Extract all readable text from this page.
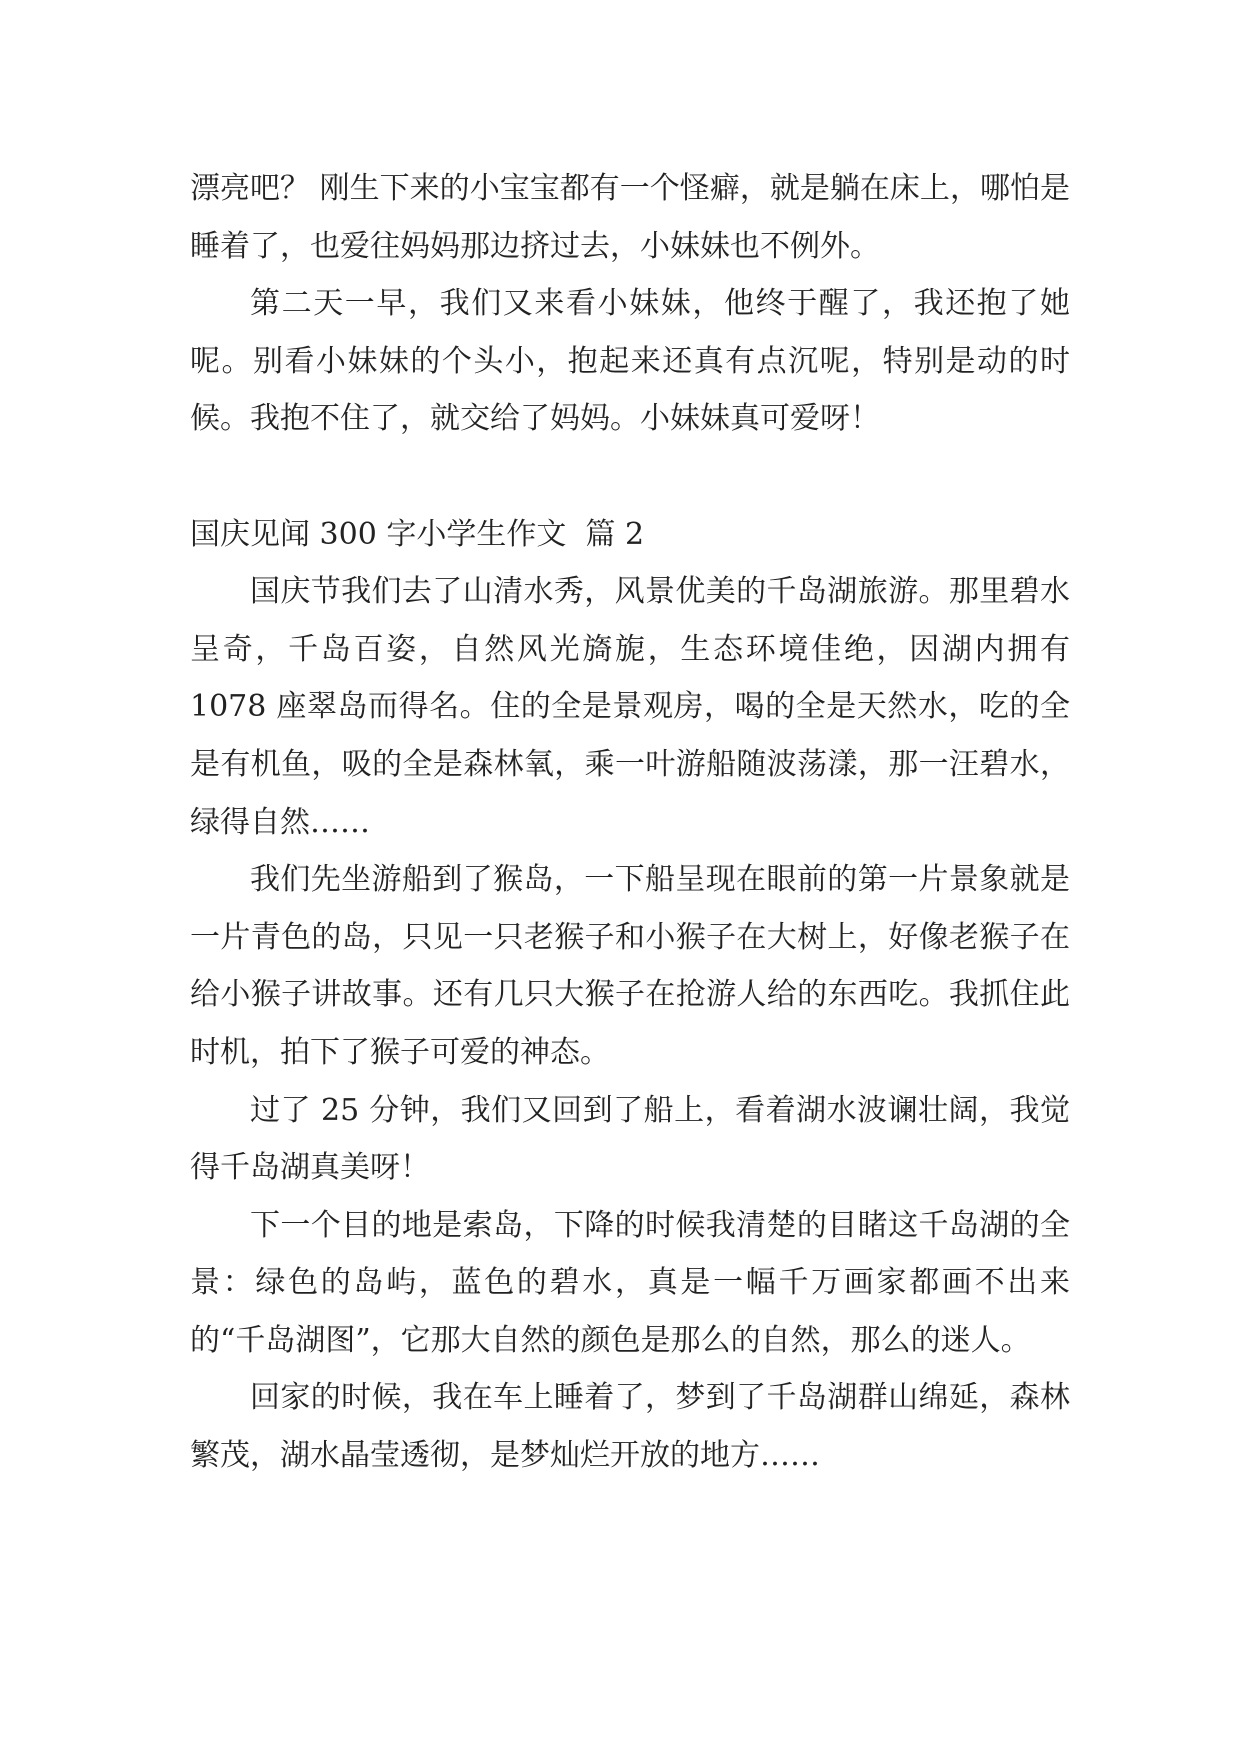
漂亮吧？ 刚生下来的小宝宝都有一个怪癖，就是躺在床上，哪怕是睡着了，也爱往妈妈那边挤过去，小妹妹也不例外。

第二天一早，我们又来看小妹妹，他终于醒了，我还抱了她呢。别看小妹妹的个头小，抱起来还真有点沉呢，特别是动的时候。我抱不住了，就交给了妈妈。小妹妹真可爱呀！

国庆见闻 300 字小学生作文  篇 2

国庆节我们去了山清水秀，风景优美的千岛湖旅游。那里碧水呈奇，千岛百姿，自然风光旖旎，生态环境佳绝，因湖内拥有 1078 座翠岛而得名。住的全是景观房，喝的全是天然水，吃的全是有机鱼，吸的全是森林氧，乘一叶游船随波荡漾，那一汪碧水，绿得自然……

我们先坐游船到了猴岛，一下船呈现在眼前的第一片景象就是一片青色的岛，只见一只老猴子和小猴子在大树上，好像老猴子在给小猴子讲故事。还有几只大猴子在抢游人给的东西吃。我抓住此时机，拍下了猴子可爱的神态。

过了 25 分钟，我们又回到了船上，看着湖水波谰壮阔，我觉得千岛湖真美呀！

下一个目的地是索岛，下降的时候我清楚的目睹这千岛湖的全景：绿色的岛屿，蓝色的碧水，真是一幅千万画家都画不出来的“千岛湖图”，它那大自然的颜色是那么的自然，那么的迷人。

回家的时候，我在车上睡着了，梦到了千岛湖群山绵延，森林繁茂，湖水晶莹透彻，是梦灿烂开放的地方……
